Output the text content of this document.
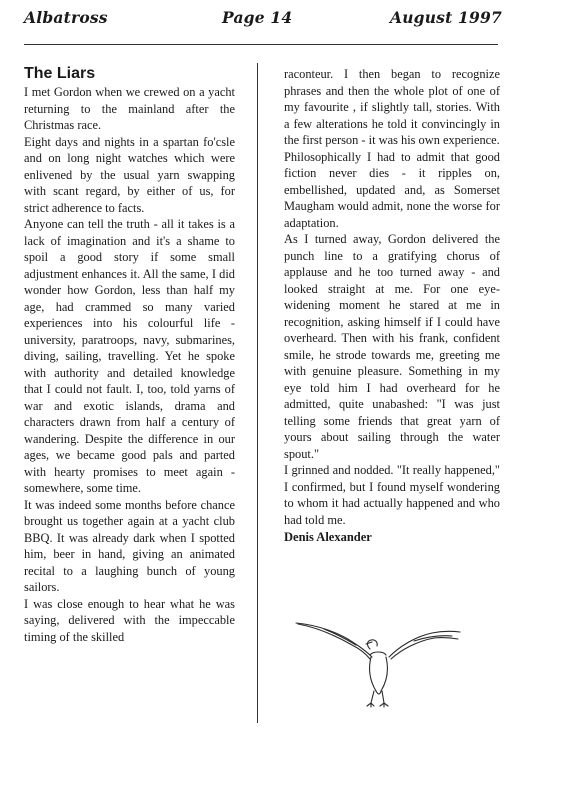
Albatross	Page 14	August 1997
The Liars

I met Gordon when we crewed on a yacht returning to the mainland after the Christmas race.

Eight days and nights in a spartan fo'csle and on long night watches which were enlivened by the usual yarn swapping with scant regard, by either of us, for strict adherence to facts.

Anyone can tell the truth - all it takes is a lack of imagination and it's a shame to spoil a good story if some small adjustment enhances it. All the same, I did wonder how Gordon, less than half my age, had crammed so many varied experiences into his colourful life - university, paratroops, navy, submarines, diving, sailing, travelling. Yet he spoke with authority and detailed knowledge that I could not fault. I, too, told yarns of war and exotic islands, drama and characters drawn from half a century of wandering. Despite the difference in our ages, we became good pals and parted with hearty promises to meet again - somewhere, some time.

It was indeed some months before chance brought us together again at a yacht club BBQ. It was already dark when I spotted him, beer in hand, giving an animated recital to a laughing bunch of young sailors.

I was close enough to hear what he was saying, delivered with the impeccable timing of the skilled

raconteur. I then began to recognize phrases and then the whole plot of one of my favourite , if slightly tall, stories. With a few alterations he told it convincingly in the first person - it was his own experience.

Philosophically I had to admit that good fiction never dies - it ripples on, embellished, updated and, as Somerset Maugham would admit, none the worse for adaptation.

As I turned away, Gordon delivered the punch line to a gratifying chorus of applause and he too turned away - and looked straight at me. For one eye-widening moment he stared at me in recognition, asking himself if I could have overheard. Then with his frank, confident smile, he strode towards me, greeting me with genuine pleasure. Something in my eye told him I had overheard for he admitted, quite unabashed: "I was just telling some friends that great yarn of yours about sailing through the water spout."

I grinned and nodded. "It really happened," I confirmed, but I found myself wondering to whom it had actually happened and who had told me.

Denis Alexander
